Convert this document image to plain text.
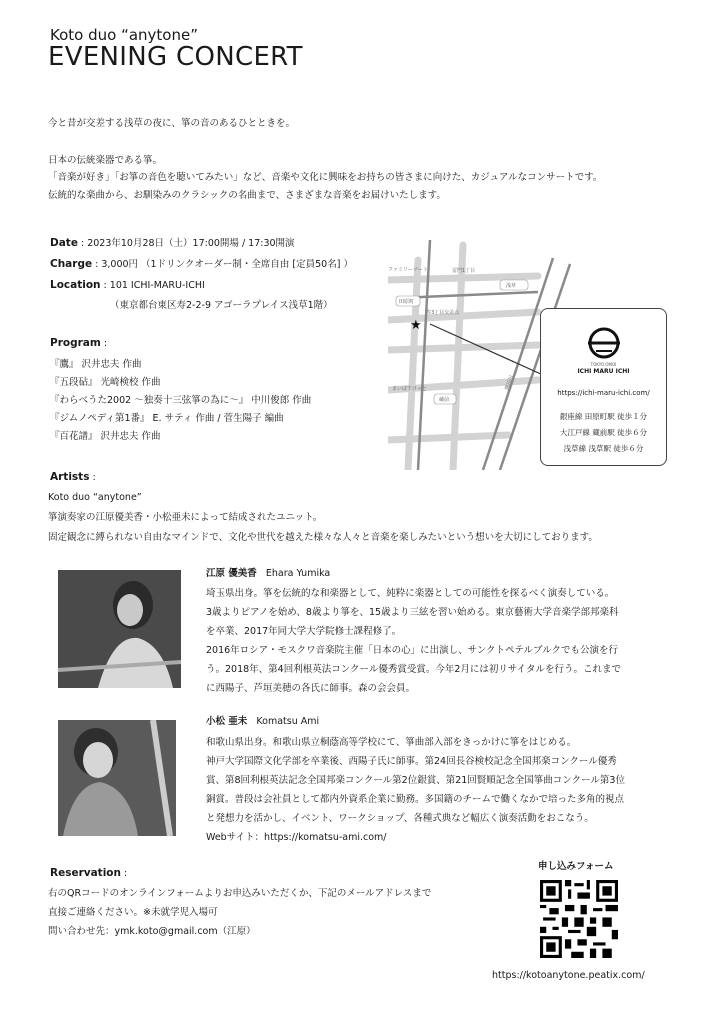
Koto duo “anytone”
EVENING CONCERT
今と昔が交差する浅草の夜に、箏の音のあるひとときを。
日本の伝統楽器である箏。
「音楽が好き」「お箏の音色を聴いてみたい」など、音楽や文化に興味をお持ちの皆さまに向けた、カジュアルなコンサートです。
伝統的な楽曲から、お馴染みのクラシックの名曲まで、さまざまな音楽をお届けいたします。
Date : 2023年10月28日（土）17:00開場 / 17:30開演
Charge : 3,000円 （1ドリンクオーダー制・全席自由 [定員50名] ）
Location : 101 ICHI-MARU-ICHI
（東京都台東区寿2-2-9 アゴーラプレイス浅草1階）
Program :
『鷹』 沢井忠夫 作曲
『五段砧』 光崎検校 作曲
『わらべうた2002 ～独奏十三弦箏の為に～』 中川俊郎 作曲
『ジムノペディ第1番』 E. サティ 作曲 / 菅生陽子 編曲
『百花譜』 沢井忠夫 作曲
★
ファミリーマート	雷門1丁目
浅草
田原町
寿3丁目交差点
蔵前
隅田川
まいばすけっと
TOKYO OMOI
ICHI MARU ICHI
https://ichi-maru-ichi.com/
銀座線 田原町駅 徒歩１分
大江戸線 蔵前駅 徒歩６分
浅草線 浅草駅 徒歩６分
Artists :
Koto duo “anytone”
箏演奏家の江原優美香・小松亜未によって結成されたユニット。
固定観念に縛られない自由なマインドで、文化や世代を越えた様々な人々と音楽を楽しみたいという想いを大切にしております。
江原 優美香 Ehara Yumika
埼玉県出身。箏を伝統的な和楽器として、純粋に楽器としての可能性を探るべく演奏している。
3歳よりピアノを始め、8歳より箏を、15歳より三絃を習い始める。東京藝術大学音楽学部邦楽科
を卒業、2017年同大学大学院修士課程修了。
2016年ロシア・モスクワ音楽院主催「日本の心」に出演し、サンクトペテルブルクでも公演を行
う。2018年、第4回利根英法コンクール優秀賞受賞。今年2月には初リサイタルを行う。これまで
に西陽子、芦垣美穂の各氏に師事。森の会会員。
小松 亜未 Komatsu Ami
和歌山県出身。和歌山県立桐蔭高等学校にて、箏曲部入部をきっかけに箏をはじめる。
神戸大学国際文化学部を卒業後、西陽子氏に師事。第24回長谷検校記念全国邦楽コンクール優秀
賞、第8回利根英法記念全国邦楽コンクール第2位銀賞、第21回賢順記念全国箏曲コンクール第3位
銅賞。普段は会社員として都内外資系企業に勤務。多国籍のチームで働くなかで培った多角的視点
と発想力を活かし、イベント、ワークショップ、各種式典など幅広く演奏活動をおこなう。
Webサイト：https://komatsu-ami.com/
Reservation :
右のQRコードのオンラインフォームよりお申込みいただくか、下記のメールアドレスまで
直接ご連絡ください。※未就学児入場可
問い合わせ先：ymk.koto@gmail.com（江原）
申し込みフォーム
https://kotoanytone.peatix.com/
